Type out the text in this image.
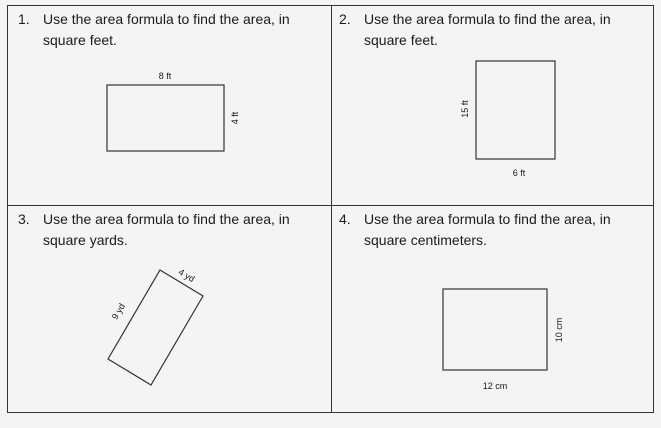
1. Use the area formula to find the area, in
square feet.
8 ft
4 ft
2. Use the area formula to find the area, in
square feet.
15 ft
6 ft
3. Use the area formula to find the area, in
square yards.
4 yd
9 yd
4. Use the area formula to find the area, in
square centimeters.
10 cm
12 cm
